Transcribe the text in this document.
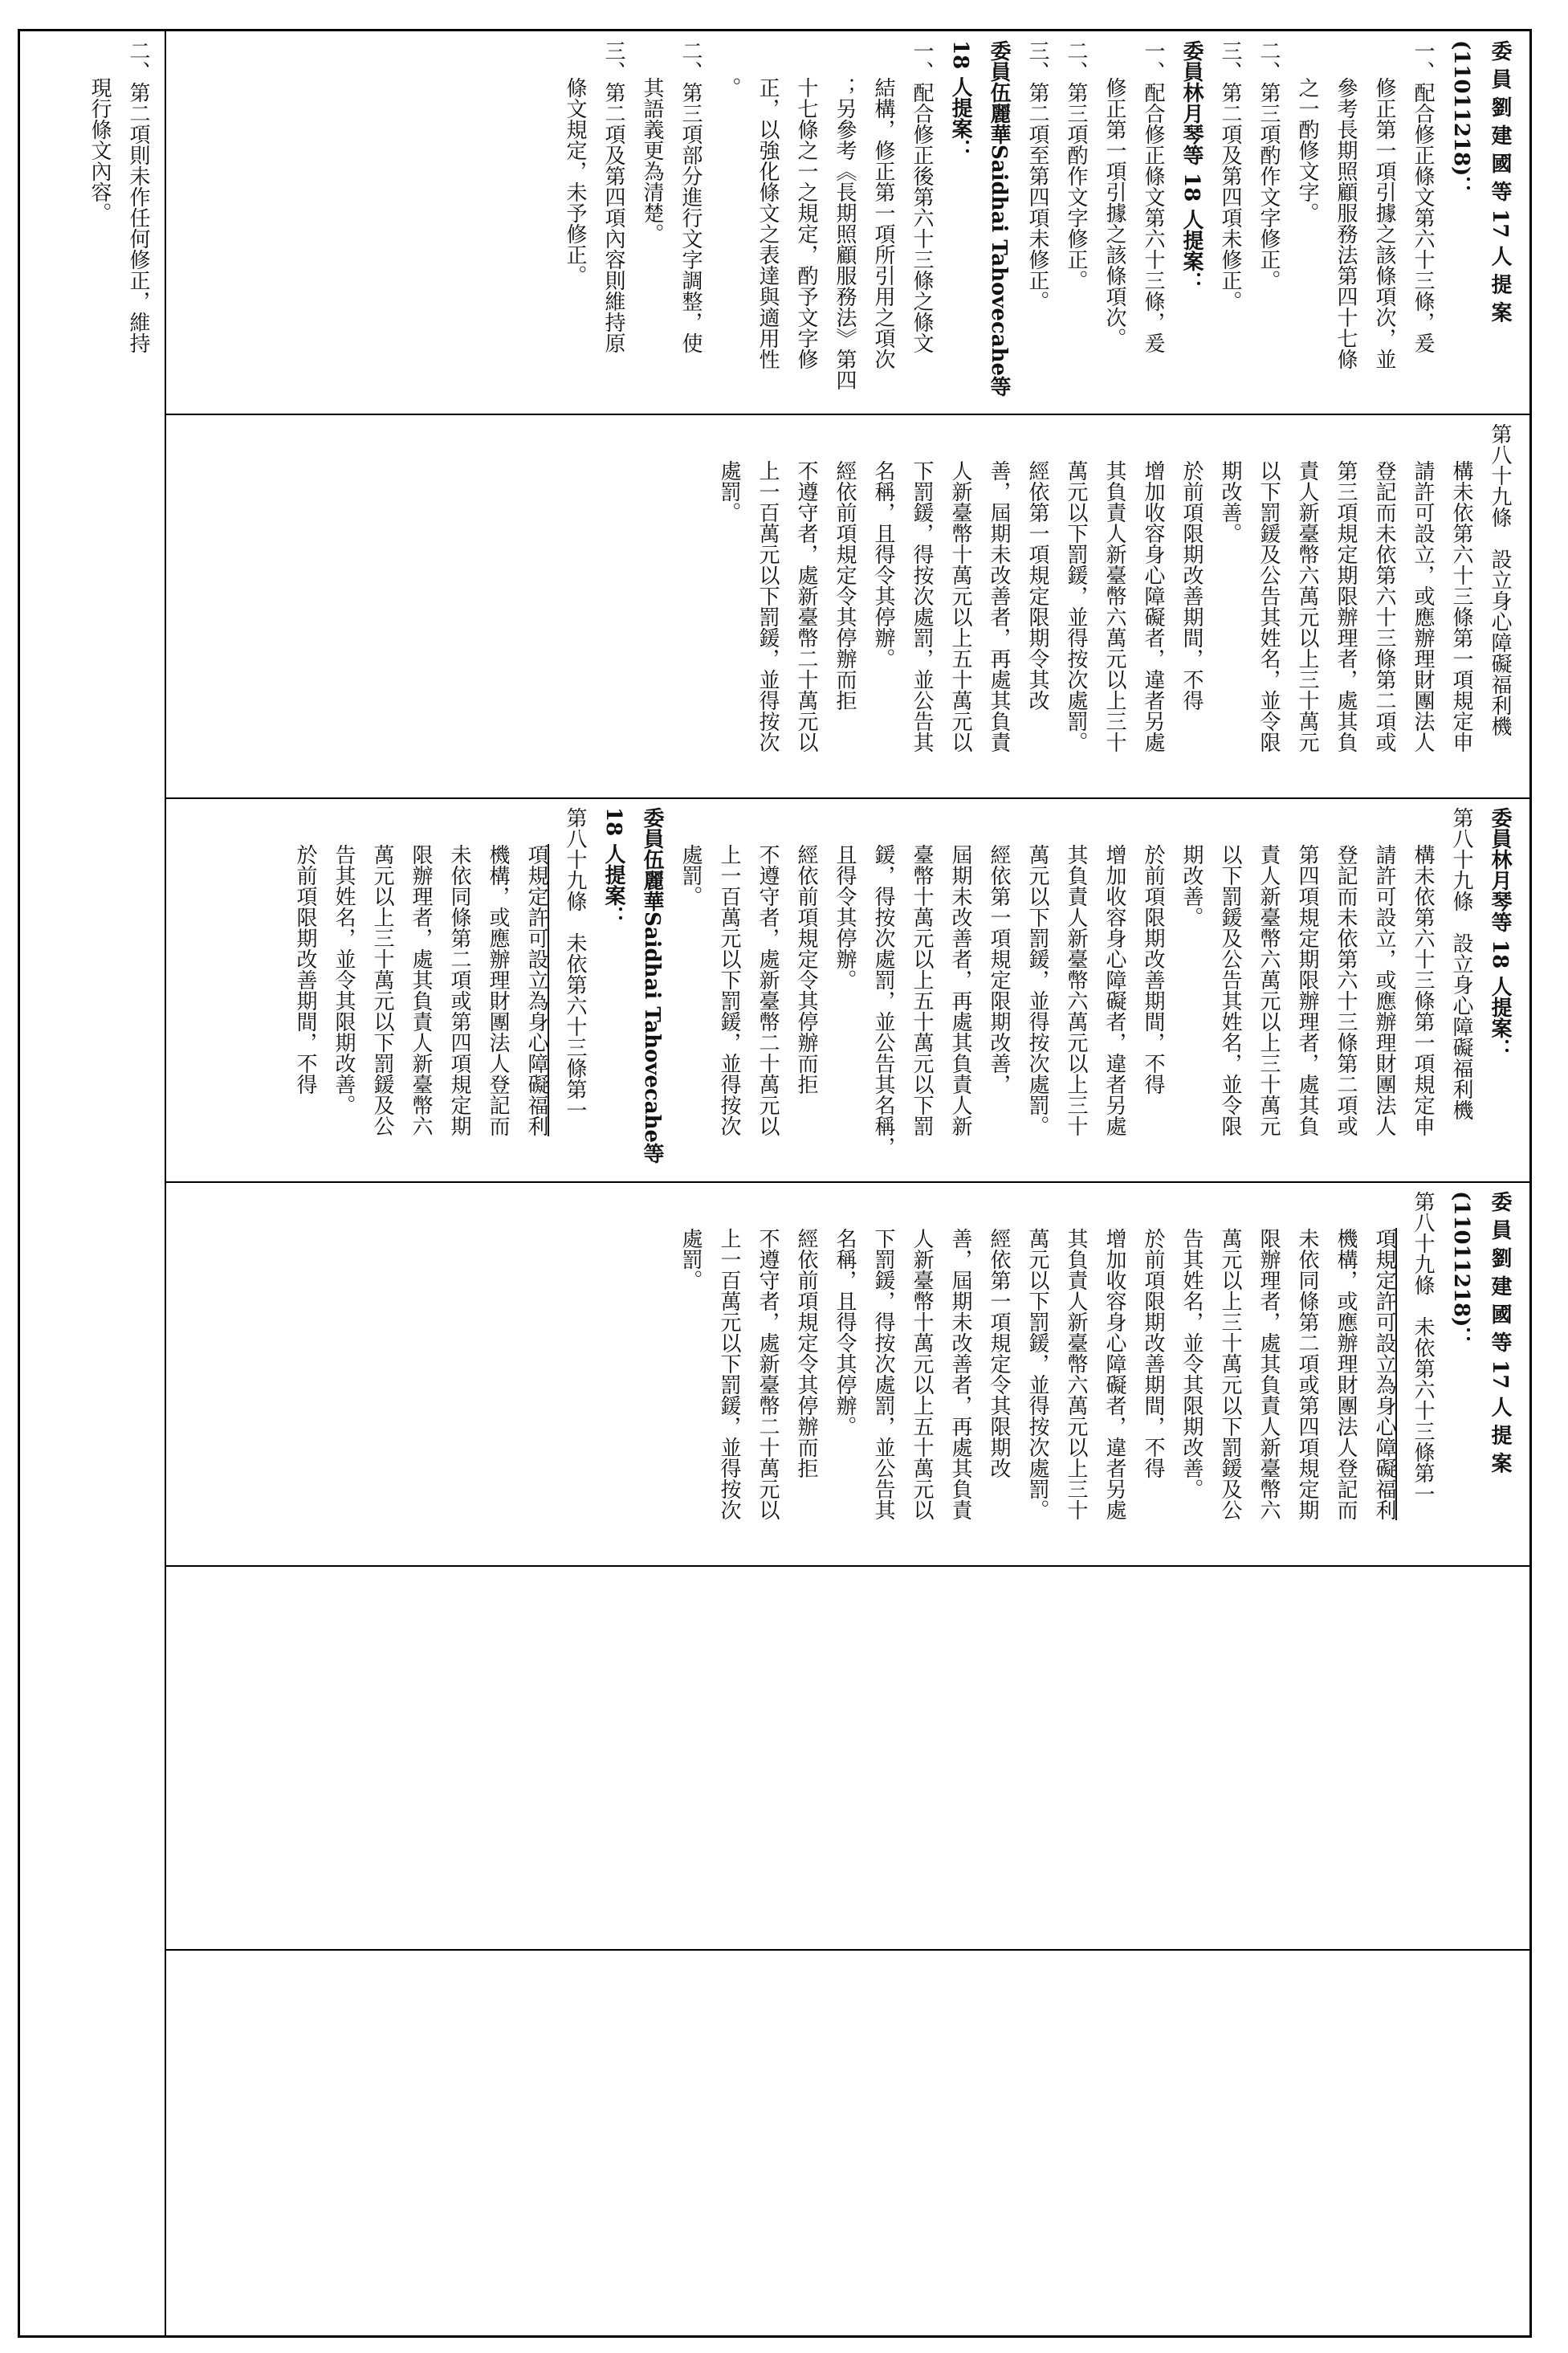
二、第二項則未作任何修正，維持

現行條文內容。	委 員 劉 建 國 等 17 人 提 案

(11011218)：

一、配合修正條文第六十三條，爰

修正第一項引據之該條項次，並

參考長期照顧服務法第四十七條

之一酌修文字。

二、第三項酌作文字修正。

三、第二項及第四項未修正。

委員林月琴等 18 人提案：

一、配合修正條文第六十三條，爰

修正第一項引據之該條項次。

二、第三項酌作文字修正。

三、第二項至第四項未修正。

委員伍麗華Saidhai Tahovecahe等

18 人提案：

一、配合修正後第六十三條之條文

結構，修正第一項所引用之項次

；另參考《長期照顧服務法》第四

十七條之一之規定，酌予文字修

正，以強化條文之表達與適用性

。

二、第三項部分進行文字調整，使

其語義更為清楚。

三、第二項及第四項內容則維持原

條文規定，未予修正。

第八十九條　設立身心障礙福利機

構未依第六十三條第一項規定申

請許可設立，或應辦理財團法人

登記而未依第六十三條第二項或

第三項規定期限辦理者，處其負

責人新臺幣六萬元以上三十萬元

以下罰鍰及公告其姓名，並令限

期改善。

於前項限期改善期間，不得

增加收容身心障礙者，違者另處

其負責人新臺幣六萬元以上三十

萬元以下罰鍰，並得按次處罰。

經依第一項規定限期令其改

善，屆期未改善者，再處其負責

人新臺幣十萬元以上五十萬元以

下罰鍰，得按次處罰，並公告其

名稱，且得令其停辦。

經依前項規定令其停辦而拒

不遵守者，處新臺幣二十萬元以

上一百萬元以下罰鍰，並得按次

處罰。

委員林月琴等 18 人提案：

第八十九條　設立身心障礙福利機

構未依第六十三條第一項規定申

請許可設立，或應辦理財團法人

登記而未依第六十三條第二項或

第四項規定期限辦理者，處其負

責人新臺幣六萬元以上三十萬元

以下罰鍰及公告其姓名，並令限

期改善。

於前項限期改善期間，不得

增加收容身心障礙者，違者另處

其負責人新臺幣六萬元以上三十

萬元以下罰鍰，並得按次處罰。

經依第一項規定限期改善，

屆期未改善者，再處其負責人新

臺幣十萬元以上五十萬元以下罰

鍰，得按次處罰，並公告其名稱，

且得令其停辦。

經依前項規定令其停辦而拒

不遵守者，處新臺幣二十萬元以

上一百萬元以下罰鍰，並得按次

處罰。

委員伍麗華Saidhai Tahovecahe等

18 人提案：

第八十九條　未依第六十三條第一

項規定許可設立為身心障礙福利

機構，或應辦理財團法人登記而

未依同條第二項或第四項規定期

限辦理者，處其負責人新臺幣六

萬元以上三十萬元以下罰鍰及公

告其姓名，並令其限期改善。

於前項限期改善期間，不得

委 員 劉 建 國 等 17 人 提 案

(11011218)：

第八十九條　未依第六十三條第一

項規定許可設立為身心障礙福利

機構，或應辦理財團法人登記而

未依同條第二項或第四項規定期

限辦理者，處其負責人新臺幣六

萬元以上三十萬元以下罰鍰及公

告其姓名，並令其限期改善。

於前項限期改善期間，不得

增加收容身心障礙者，違者另處

其負責人新臺幣六萬元以上三十

萬元以下罰鍰，並得按次處罰。

經依第一項規定令其限期改

善，屆期未改善者，再處其負責

人新臺幣十萬元以上五十萬元以

下罰鍰，得按次處罰，並公告其

名稱，且得令其停辦。

經依前項規定令其停辦而拒

不遵守者，處新臺幣二十萬元以

上一百萬元以下罰鍰，並得按次

處罰。
